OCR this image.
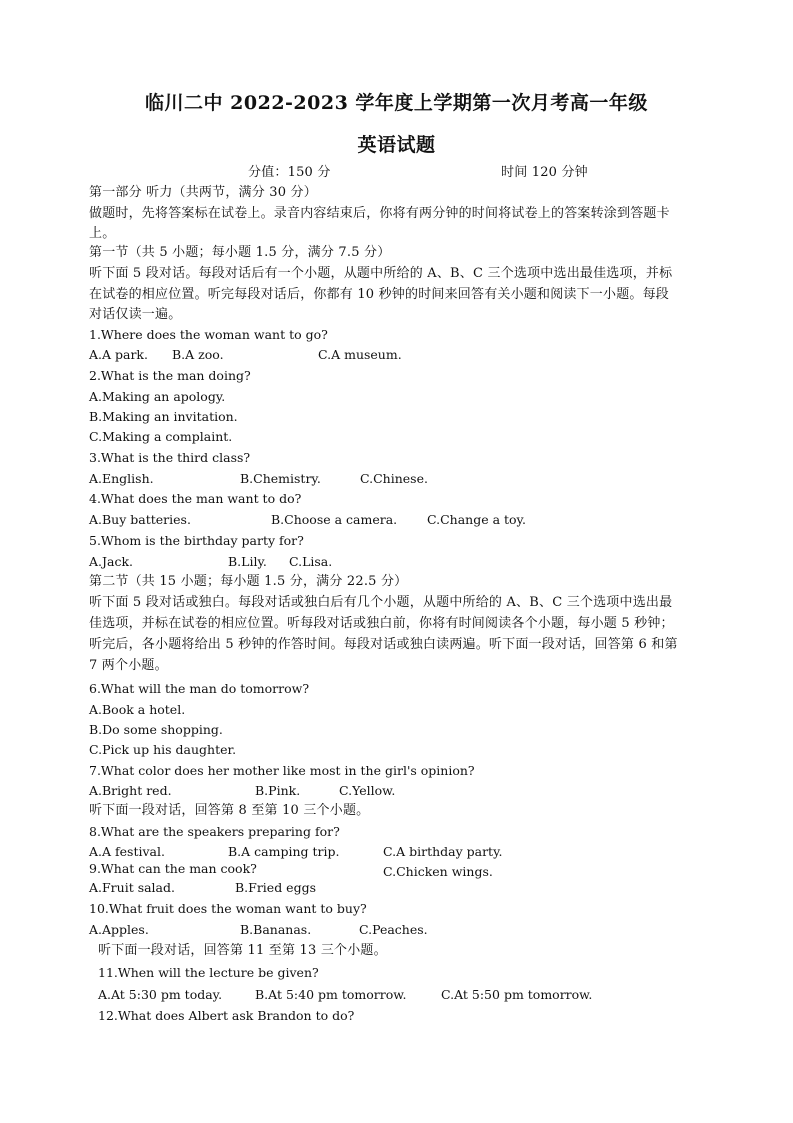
临川二中 2022-2023 学年度上学期第一次月考高一年级
英语试题
分值：150 分	时间 120 分钟
第一部分 听力（共两节，满分 30 分）
做题时，先将答案标在试卷上。录音内容结束后，你将有两分钟的时间将试卷上的答案转涂到答题卡
上。
第一节（共 5 小题；每小题 1.5 分，满分 7.5 分）
听下面 5 段对话。每段对话后有一个小题，从题中所给的 A、B、C 三个选项中选出最佳选项，并标
在试卷的相应位置。听完每段对话后，你都有 10 秒钟的时间来回答有关小题和阅读下一小题。每段
对话仅读一遍。
1.Where does the woman want to go?
A.A park. B.A zoo.	C.A museum.
2.What is the man doing?
A.Making an apology.
B.Making an invitation.
C.Making a complaint.
3.What is the third class?
A.English.	B.Chemistry.	C.Chinese.
4.What does the man want to do?
A.Buy batteries.	B.Choose a camera. C.Change a toy.
5.Whom is the birthday party for?
A.Jack.	B.Lily. C.Lisa.
第二节（共 15 小题；每小题 1.5 分，满分 22.5 分）
听下面 5 段对话或独白。每段对话或独白后有几个小题，从题中所给的 A、B、C 三个选项中选出最
佳选项，并标在试卷的相应位置。听每段对话或独白前，你将有时间阅读各个小题，每小题 5 秒钟；
听完后，各小题将给出 5 秒钟的作答时间。每段对话或独白读两遍。听下面一段对话，回答第 6 和第
7 两个小题。
6.What will the man do tomorrow?
A.Book a hotel.
B.Do some shopping.
C.Pick up his daughter.
7.What color does her mother like most in the girl's opinion?
A.Bright red.	B.Pink.	C.Yellow.
听下面一段对话，回答第 8 至第 10 三个小题。
8.What are the speakers preparing for?
A.A festival.	B.A camping trip.	C.A birthday party.
9.What can the man cook?
A.Fruit salad.	B.Fried eggs
C.Chicken wings.
10.What fruit does the woman want to buy?
A.Apples.	B.Bananas.	C.Peaches.
听下面一段对话，回答第 11 至第 13 三个小题。
11.When will the lecture be given?
A.At 5:30 pm today.	B.At 5:40 pm tomorrow.	C.At 5:50 pm tomorrow.
12.What does Albert ask Brandon to do?
